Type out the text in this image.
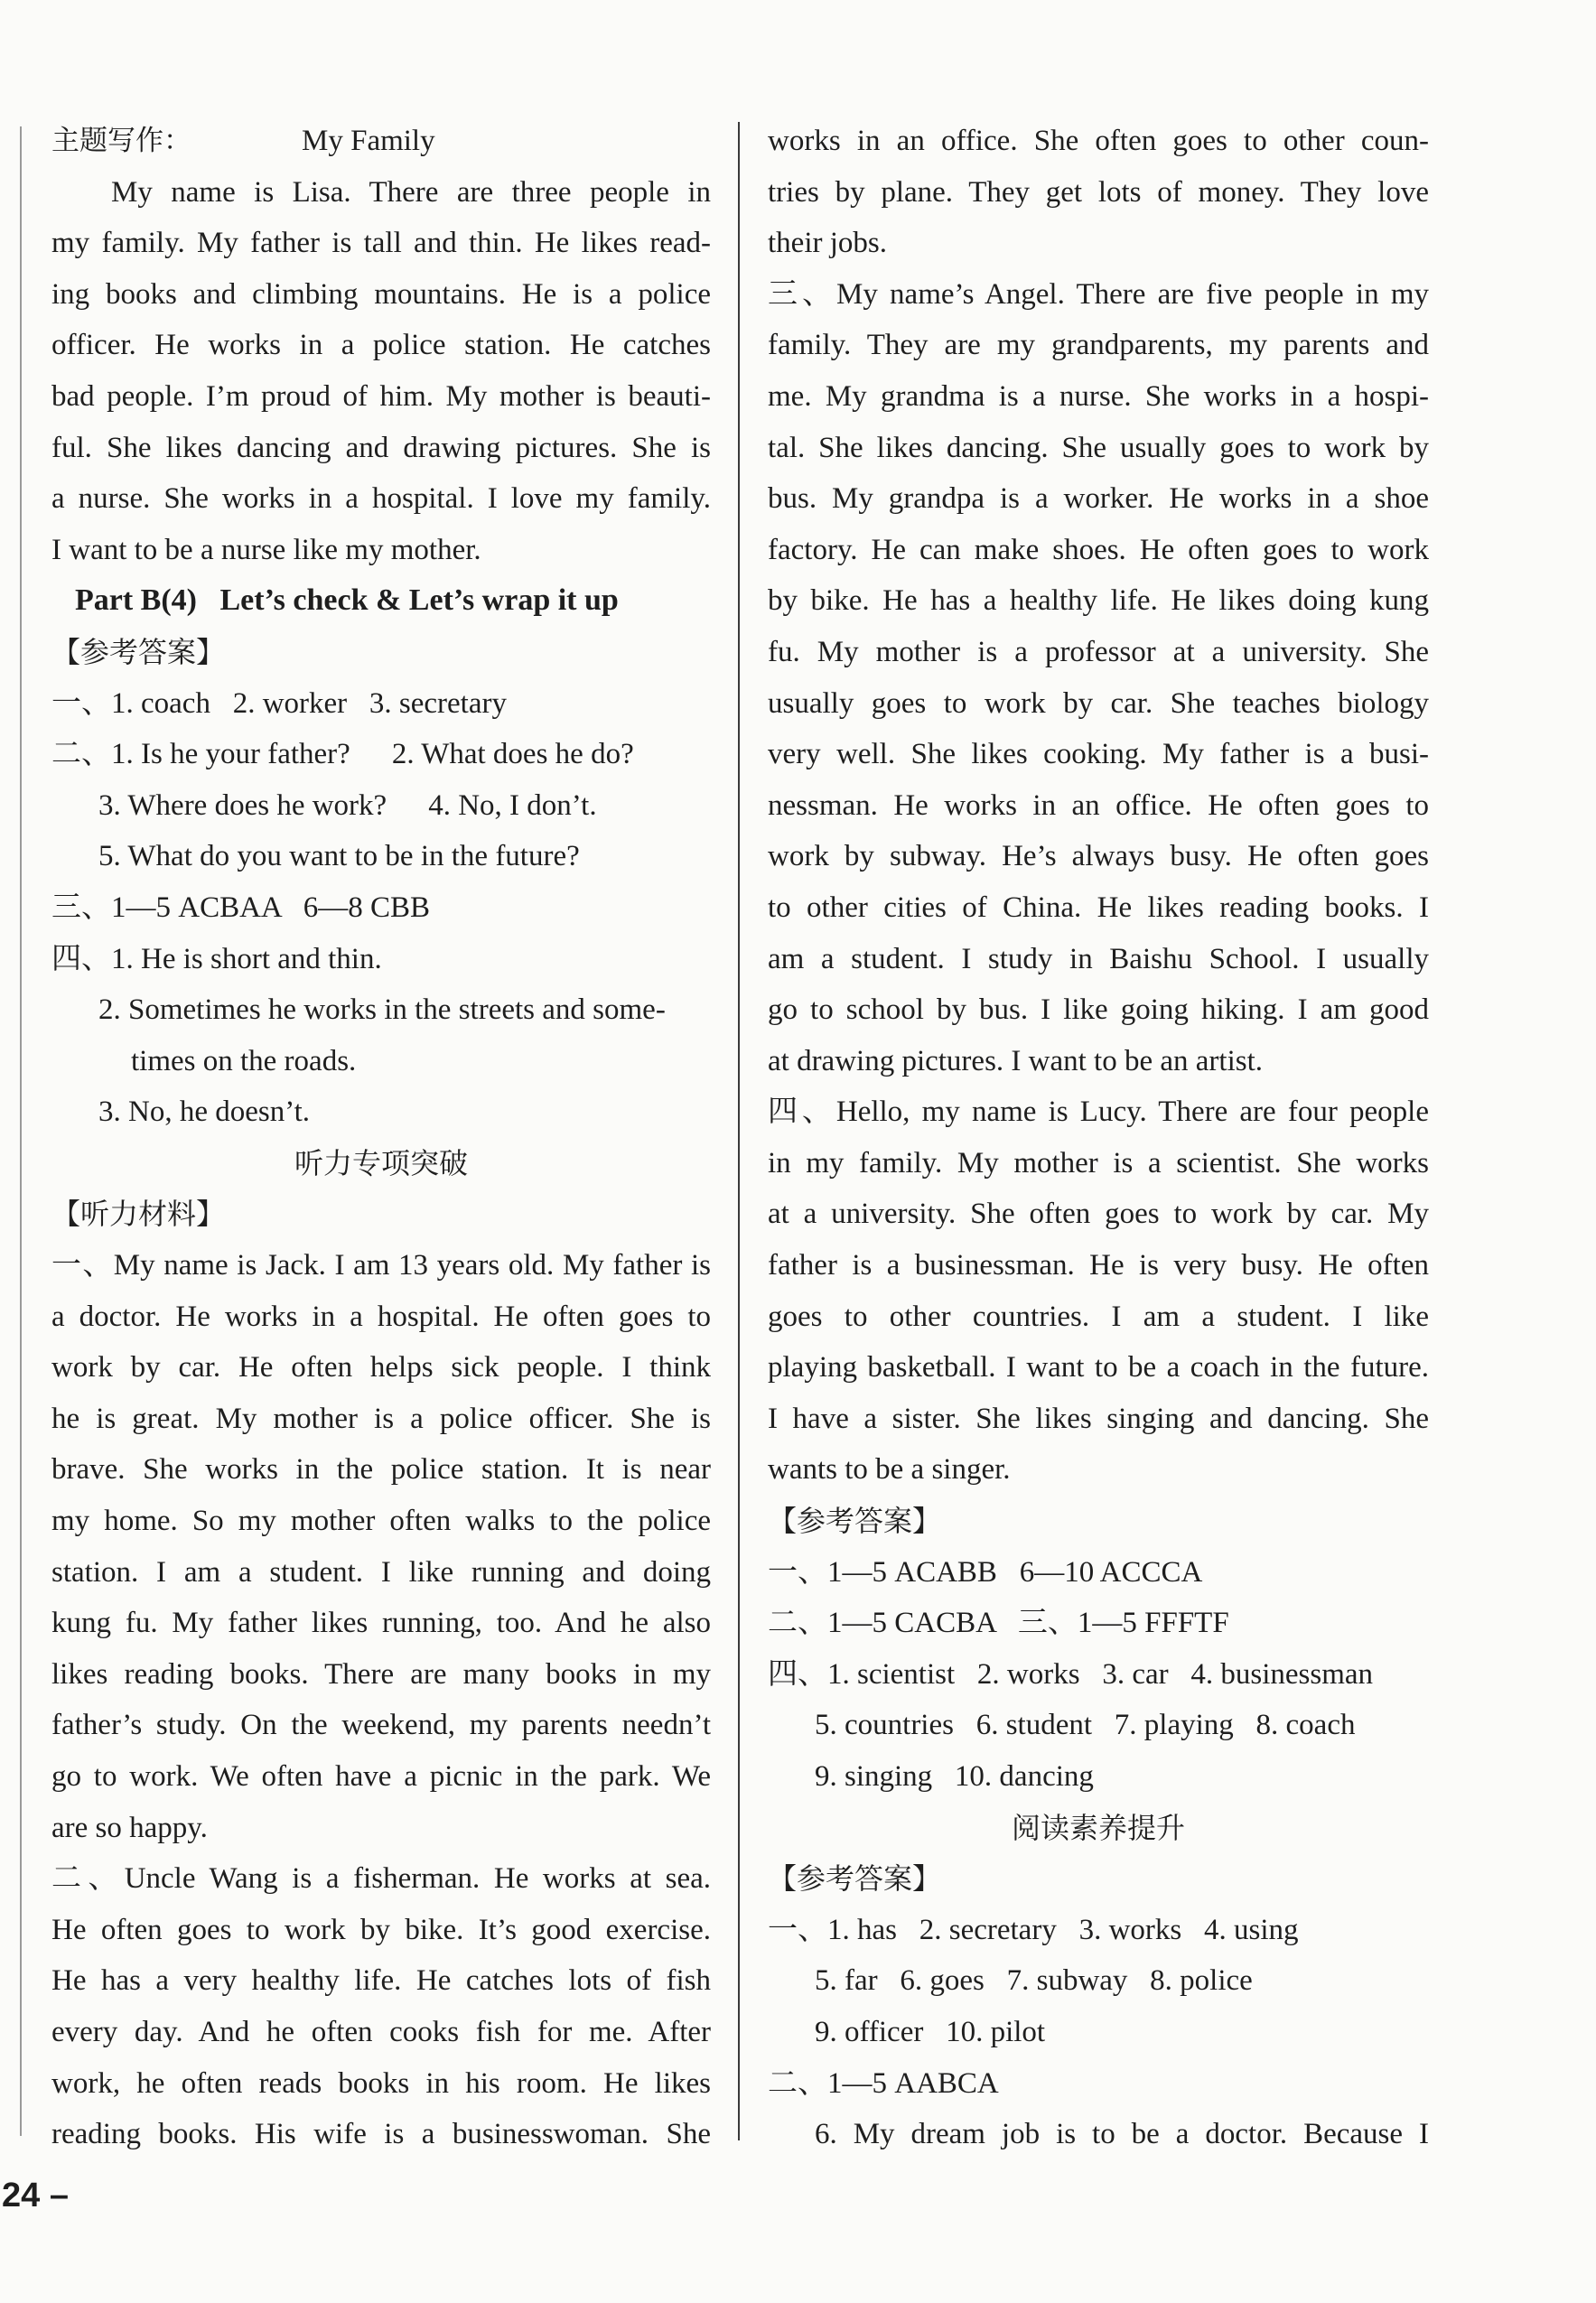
主题写作：	My Family
My name is Lisa. There are three people in
my family. My father is tall and thin. He likes read-
ing books and climbing mountains. He is a police
officer. He works in a police station. He catches
bad people. I’m proud of him. My mother is beauti-
ful. She likes dancing and drawing pictures. She is
a nurse. She works in a hospital. I love my family.
I want to be a nurse like my mother.
Part B(4)   Let’s check & Let’s wrap it up
【参考答案】
一、1. coach   2. worker   3. secretary
二、1. Is he your father? 2. What does he do?
3. Where does he work? 4. No, I don’t.
5. What do you want to be in the future?
三、1—5 ACBAA   6—8 CBB
四、1. He is short and thin.
2. Sometimes he works in the streets and some-
times on the roads.
3. No, he doesn’t.
听力专项突破
【听力材料】
一、My name is Jack. I am 13 years old. My father is
a doctor. He works in a hospital. He often goes to
work by car. He often helps sick people. I think
he is great. My mother is a police officer. She is
brave. She works in the police station. It is near
my home. So my mother often walks to the police
station. I am a student. I like running and doing
kung fu. My father likes running, too. And he also
likes reading books. There are many books in my
father’s study. On the weekend, my parents needn’t
go to work. We often have a picnic in the park. We
are so happy.
二、Uncle Wang is a fisherman. He works at sea.
He often goes to work by bike. It’s good exercise.
He has a very healthy life. He catches lots of fish
every day. And he often cooks fish for me. After
work, he often reads books in his room. He likes
reading books. His wife is a businesswoman. She
works in an office. She often goes to other coun-
tries by plane. They get lots of money. They love
their jobs.
三、My name’s Angel. There are five people in my
family. They are my grandparents, my parents and
me. My grandma is a nurse. She works in a hospi-
tal. She likes dancing. She usually goes to work by
bus. My grandpa is a worker. He works in a shoe
factory. He can make shoes. He often goes to work
by bike. He has a healthy life. He likes doing kung
fu. My mother is a professor at a university. She
usually goes to work by car. She teaches biology
very well. She likes cooking. My father is a busi-
nessman. He works in an office. He often goes to
work by subway. He’s always busy. He often goes
to other cities of China. He likes reading books. I
am a student. I study in Baishu School. I usually
go to school by bus. I like going hiking. I am good
at drawing pictures. I want to be an artist.
四、Hello, my name is Lucy. There are four people
in my family. My mother is a scientist. She works
at a university. She often goes to work by car. My
father is a businessman. He is very busy. He often
goes to other countries. I am a student. I like
playing basketball. I want to be a coach in the future.
I have a sister. She likes singing and dancing. She
wants to be a singer.
【参考答案】
一、1—5 ACABB   6—10 ACCCA
二、1—5 CACBA   三、1—5 FFFTF
四、1. scientist   2. works   3. car   4. businessman
5. countries   6. student   7. playing   8. coach
9. singing   10. dancing
阅读素养提升
【参考答案】
一、1. has   2. secretary   3. works   4. using
5. far   6. goes   7. subway   8. police
9. officer   10. pilot
二、1—5 AABCA
6. My dream job is to be a doctor. Because I
24 –
